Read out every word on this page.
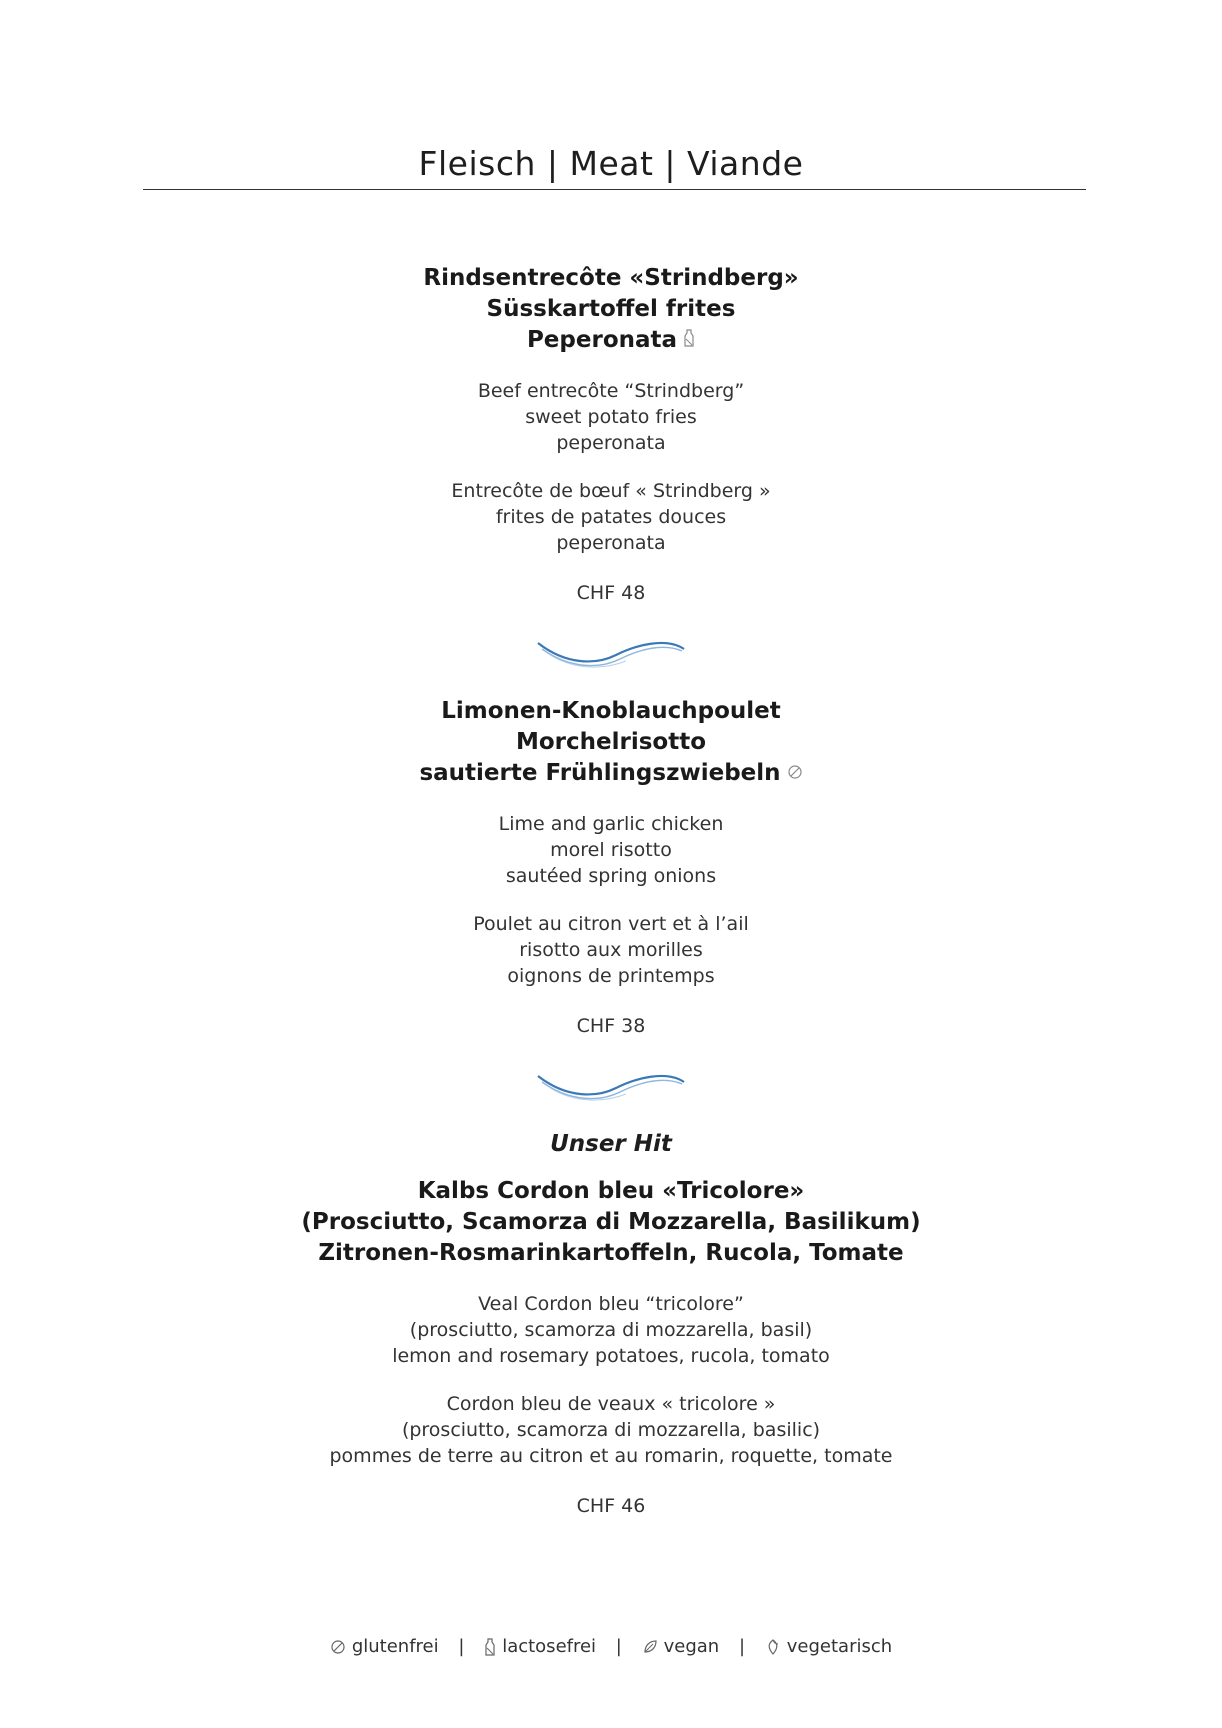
Fleisch | Meat | Viande
Rindsentrecôte «Strindberg»
Süsskartoffel frites
Peperonata
Beef entrecôte “Strindberg”
sweet potato fries
peperonata
Entrecôte de bœuf « Strindberg »
frites de patates douces
peperonata
CHF 48
Limonen-Knoblauchpoulet
Morchelrisotto
sautierte Frühlingszwiebeln
Lime and garlic chicken
morel risotto
sautéed spring onions
Poulet au citron vert et à l’ail
risotto aux morilles
oignons de printemps
CHF 38
Unser Hit
Kalbs Cordon bleu «Tricolore»
(Prosciutto, Scamorza di Mozzarella, Basilikum)
Zitronen-Rosmarinkartoffeln, Rucola, Tomate
Veal Cordon bleu “tricolore”
(prosciutto, scamorza di mozzarella, basil)
lemon and rosemary potatoes, rucola, tomato
Cordon bleu de veaux « tricolore »
(prosciutto, scamorza di mozzarella, basilic)
pommes de terre au citron et au romarin, roquette, tomate
CHF 46
glutenfrei | lactosefrei | vegan | vegetarisch
